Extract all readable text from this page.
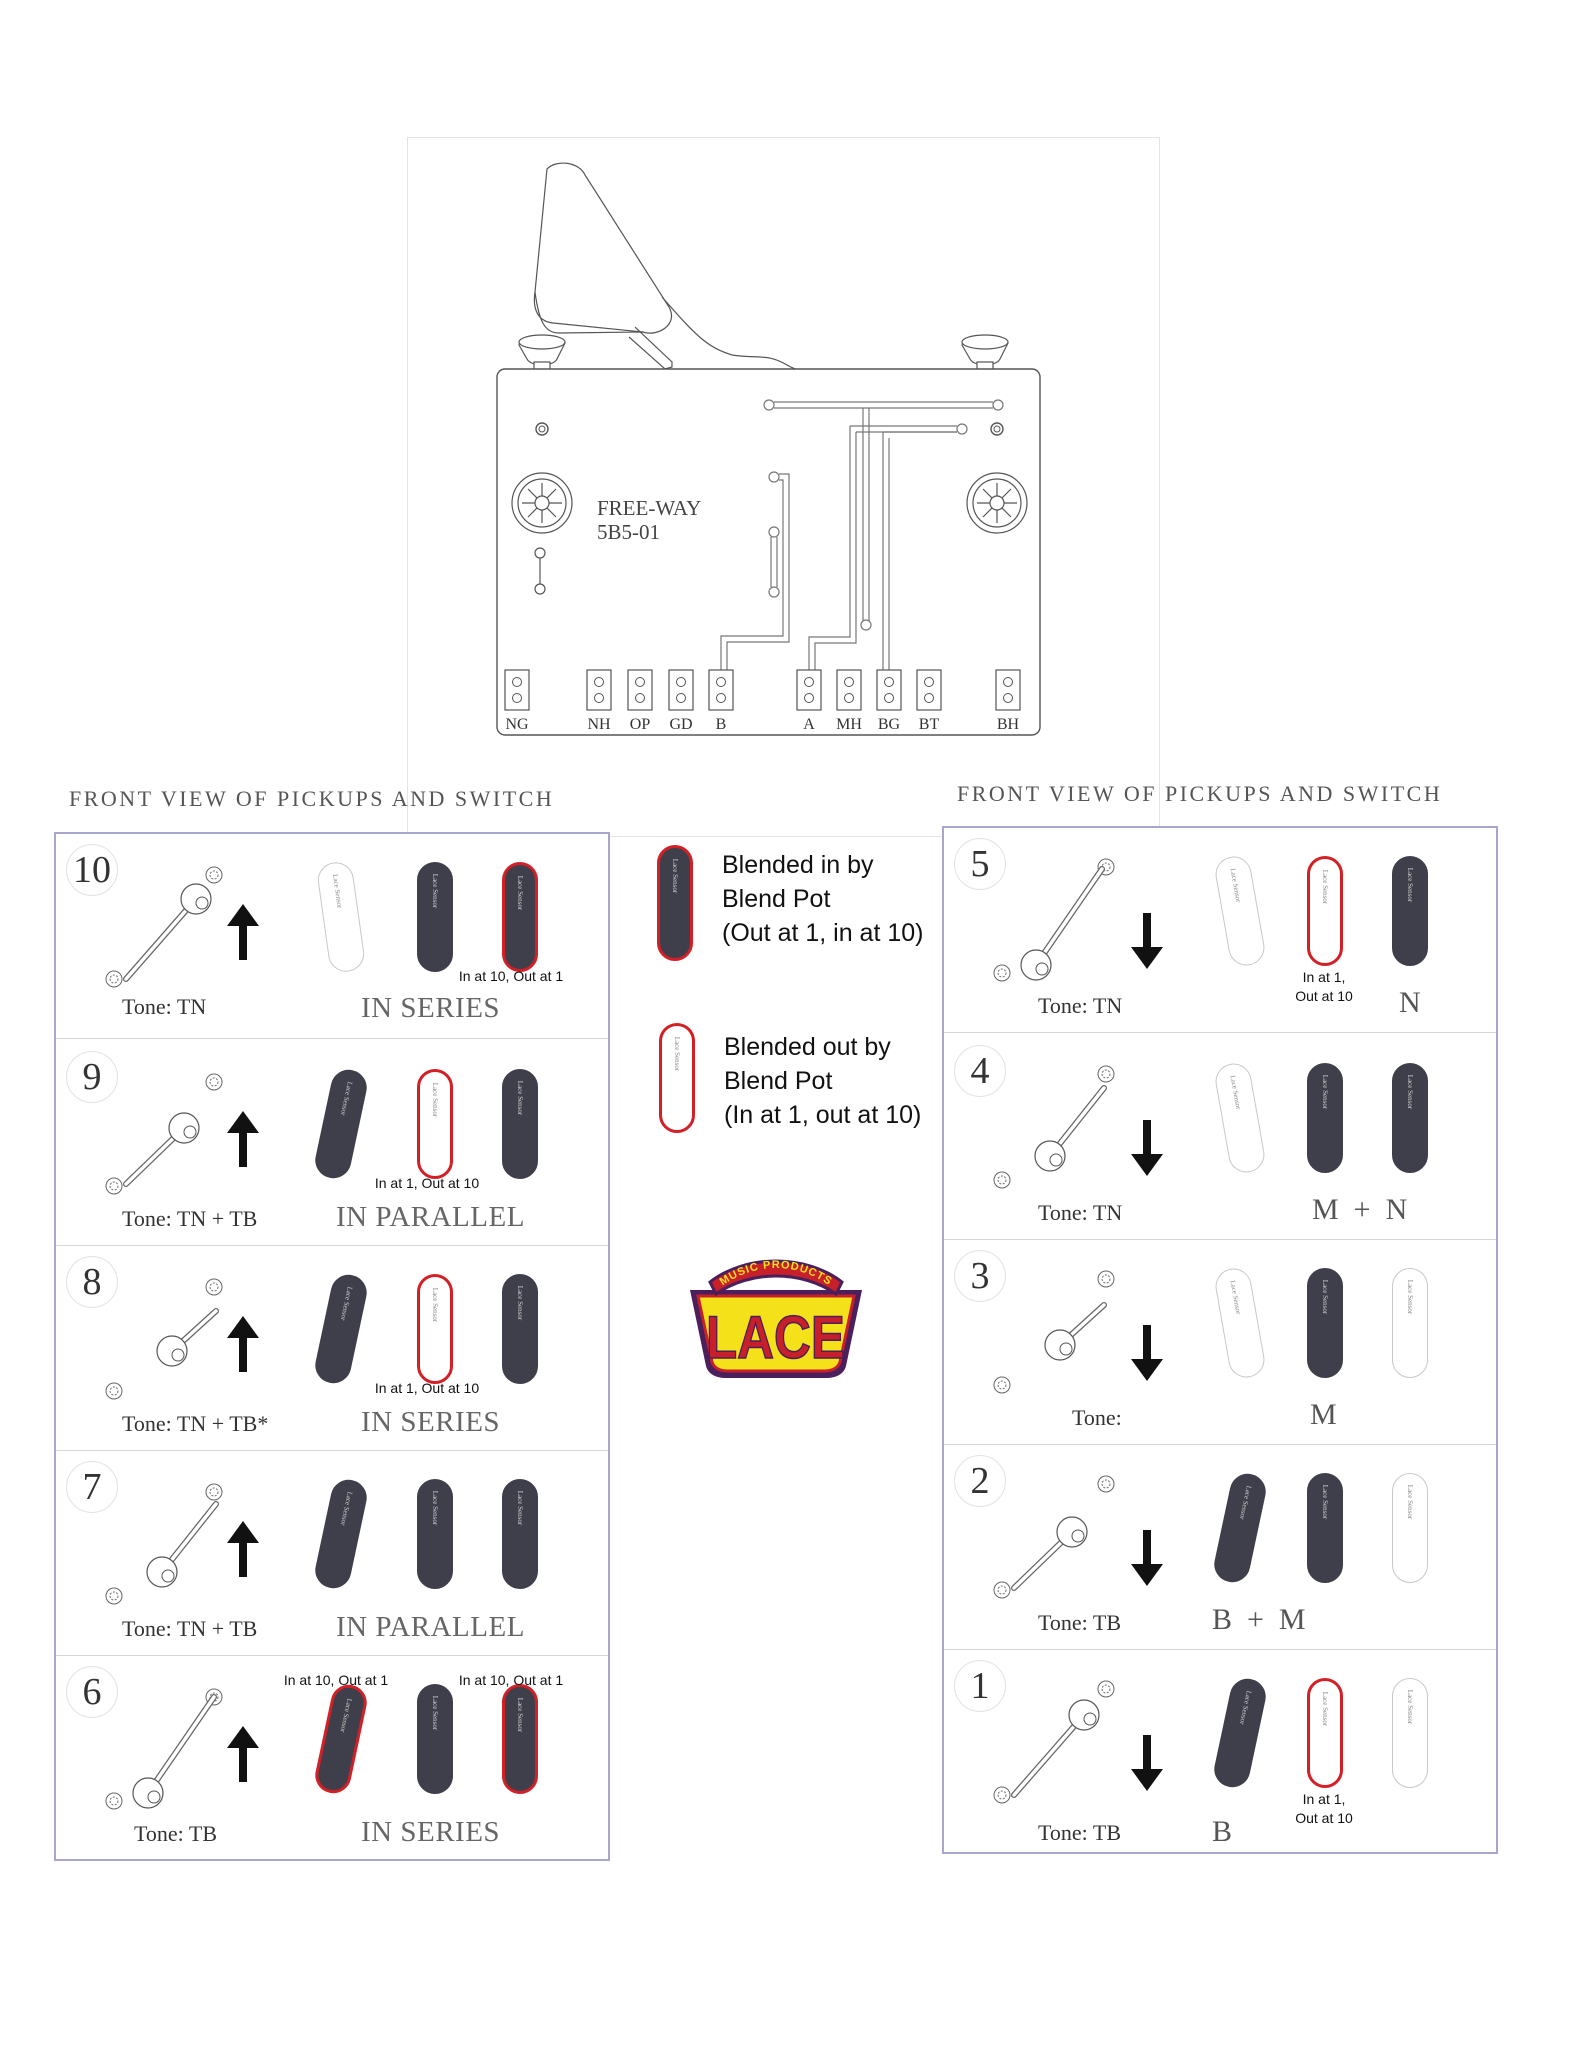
FREE-WAY
5B5-01
NG	NH OP GD B	A MH BG BT	BH
FRONT VIEW OF PICKUPS AND SWITCH	FRONT VIEW OF PICKUPS AND SWITCH
10
Lace Sensor	Lace Sensor	Lace Sensor
In at 10, Out at 1
Tone: TN	IN SERIES
9
Lace Sensor	Lace Sensor	Lace Sensor
In at 1, Out at 10
Tone: TN + TB	IN PARALLEL
8
Lace Sensor	Lace Sensor	Lace Sensor
In at 1, Out at 10
Tone: TN + TB*	IN SERIES
7
Lace Sensor	Lace Sensor	Lace Sensor
Tone: TN + TB	IN PARALLEL
6
Lace Sensor	Lace Sensor	Lace Sensor
In at 10, Out at 1	In at 10, Out at 1
Tone: TB	IN SERIES
5
Lace Sensor	Lace Sensor	Lace Sensor
In at 1,
Out at 10
Tone: TN	N
4
Lace Sensor	Lace Sensor	Lace Sensor
Tone: TN	M  +  N
3
Lace Sensor	Lace Sensor	Lace Sensor
Tone:	M
2
Lace Sensor	Lace Sensor	Lace Sensor
Tone: TB	B  +  M
1
Lace Sensor	Lace Sensor	Lace Sensor
In at 1,
Out at 10
Tone: TB	B
Lace Sensor Blended in by
Blend Pot
(Out at 1, in at 10)
Lace Sensor Blended out by
Blend Pot
(In at 1, out at 10)
MUSIC PRODUCTS
LACE
